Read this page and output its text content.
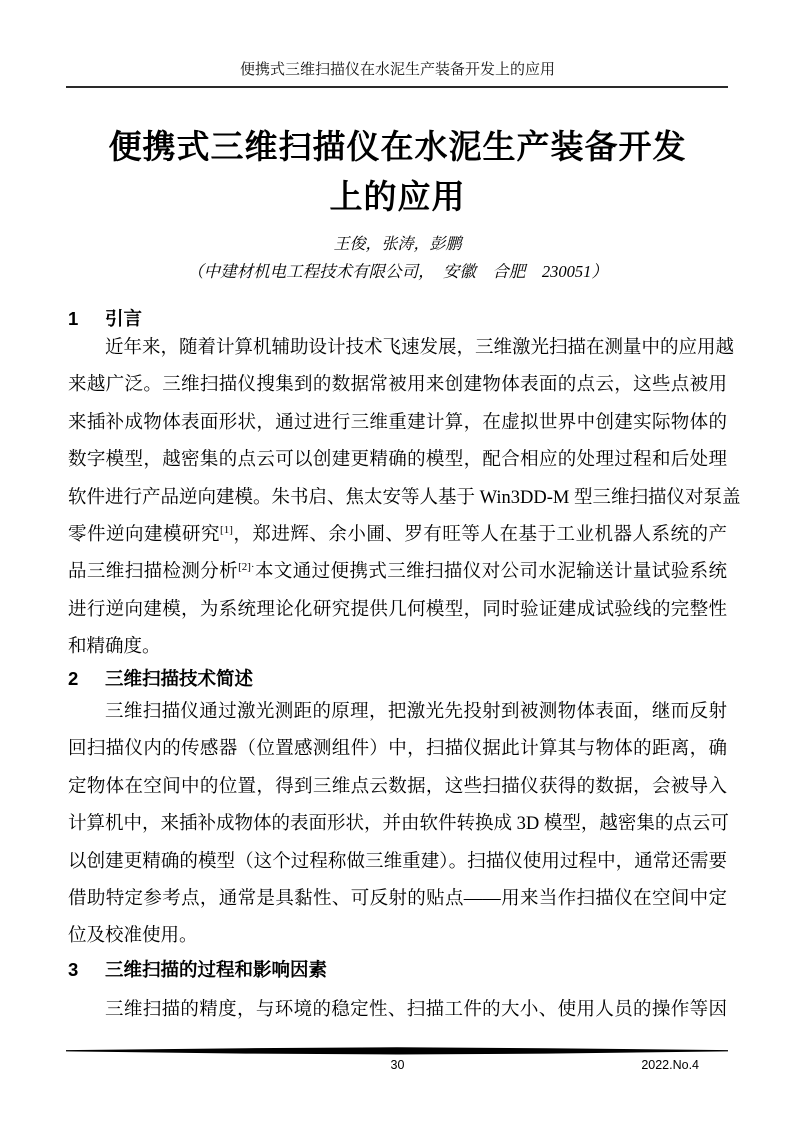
便携式三维扫描仪在水泥生产装备开发上的应用
便携式三维扫描仪在水泥生产装备开发
上的应用
王俊，张涛，彭鹏
（中建材机电工程技术有限公司，　安徽　合肥　230051）
1 引言
近年来，随着计算机辅助设计技术飞速发展，三维激光扫描在测量中的应用越
来越广泛。三维扫描仪搜集到的数据常被用来创建物体表面的点云，这些点被用
来插补成物体表面形状，通过进行三维重建计算，在虚拟世界中创建实际物体的
数字模型，越密集的点云可以创建更精确的模型，配合相应的处理过程和后处理
软件进行产品逆向建模。朱书启、焦太安等人基于 Win3DD-M 型三维扫描仪对泵盖
零件逆向建模研究[1]，郑进辉、余小圃、罗有旺等人在基于工业机器人系统的产
品三维扫描检测分析$^{[2]\cdot}$本文通过便携式三维扫描仪对公司水泥输送计量试验系统
进行逆向建模，为系统理论化研究提供几何模型，同时验证建成试验线的完整性
和精确度。
2 三维扫描技术简述
三维扫描仪通过激光测距的原理，把激光先投射到被测物体表面，继而反射
回扫描仪内的传感器（位置感测组件）中，扫描仪据此计算其与物体的距离，确
定物体在空间中的位置，得到三维点云数据，这些扫描仪获得的数据，会被导入
计算机中，来插补成物体的表面形状，并由软件转换成 3D 模型，越密集的点云可
以创建更精确的模型（这个过程称做三维重建）。扫描仪使用过程中，通常还需要
借助特定参考点，通常是具黏性、可反射的贴点——用来当作扫描仪在空间中定
位及校准使用。
3 三维扫描的过程和影响因素
三维扫描的精度，与环境的稳定性、扫描工件的大小、使用人员的操作等因
30	2022.No.4
